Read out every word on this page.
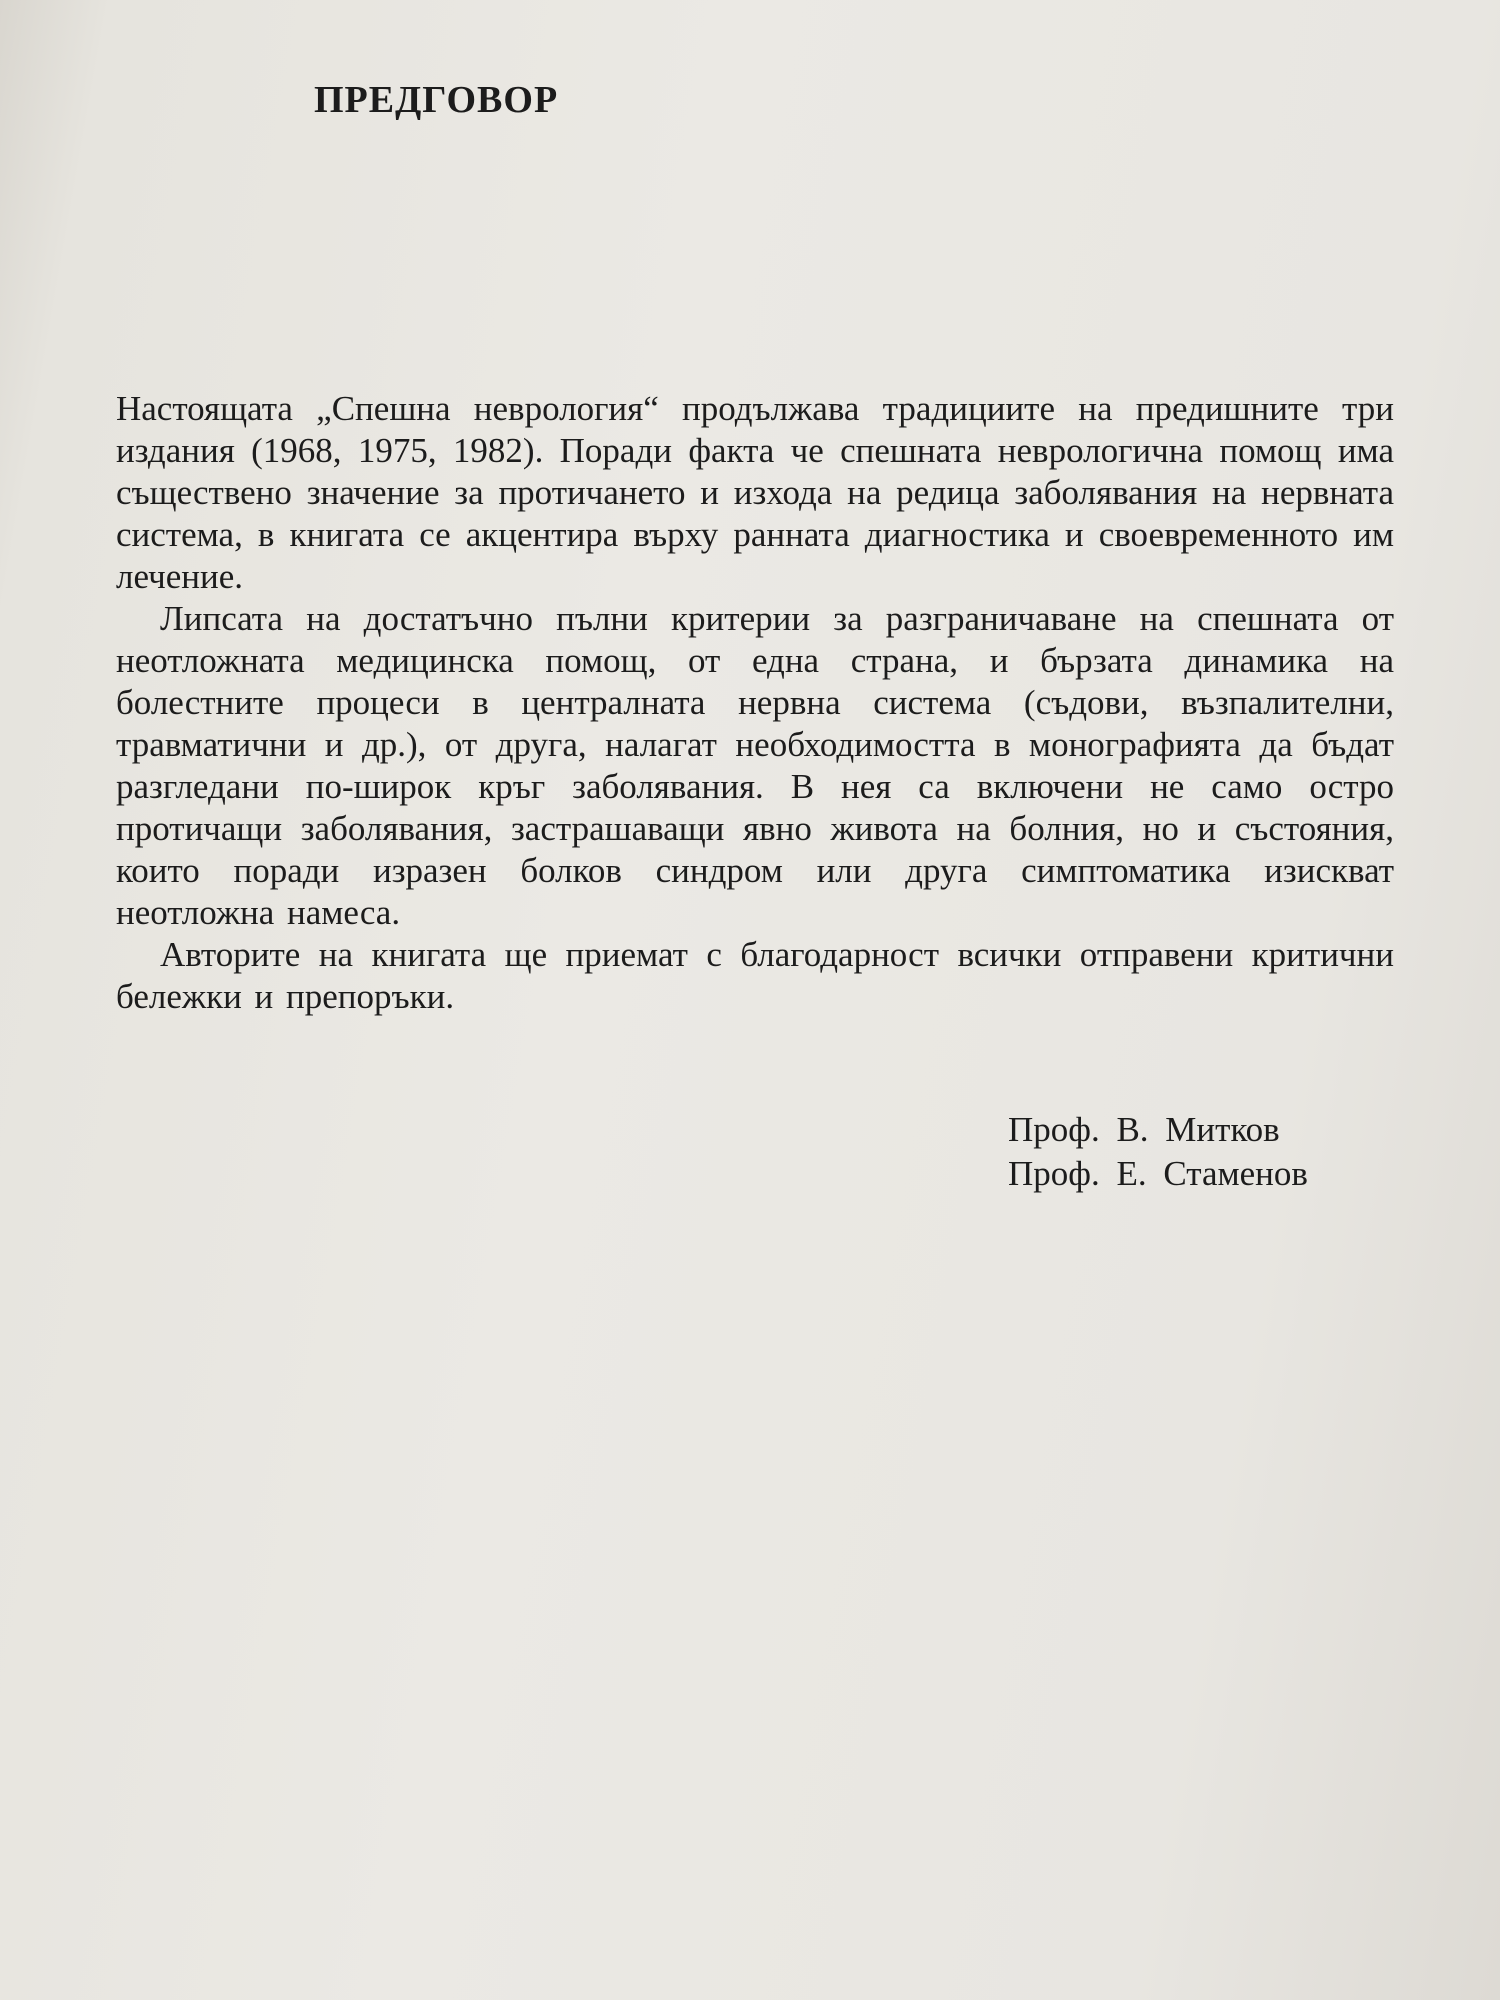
ПРЕДГОВОР

Настоящата „Спешна неврология“ продължава традициите на предишните три издания (1968, 1975, 1982). Поради факта че спешната неврологична помощ има съществено значение за протичането и изхода на редица заболявания на нервната система, в книгата се акцентира върху ранната диагностика и своевременното им лечение.

Липсата на достатъчно пълни критерии за разграничаване на спешната от неотложната медицинска помощ, от една страна, и бързата динамика на болестните процеси в централната нервна система (съдови, възпалителни, травматични и др.), от друга, налагат необходимостта в монографията да бъдат разгледани по-широк кръг заболявания. В нея са включени не само остро протичащи заболявания, застрашаващи явно живота на болния, но и състояния, които поради изразен болков синдром или друга симптоматика изискват неотложна намеса.

Авторите на книгата ще приемат с благодарност всички отправени критични бележки и препоръки.

Проф. В. Митков
Проф. Е. Стаменов
